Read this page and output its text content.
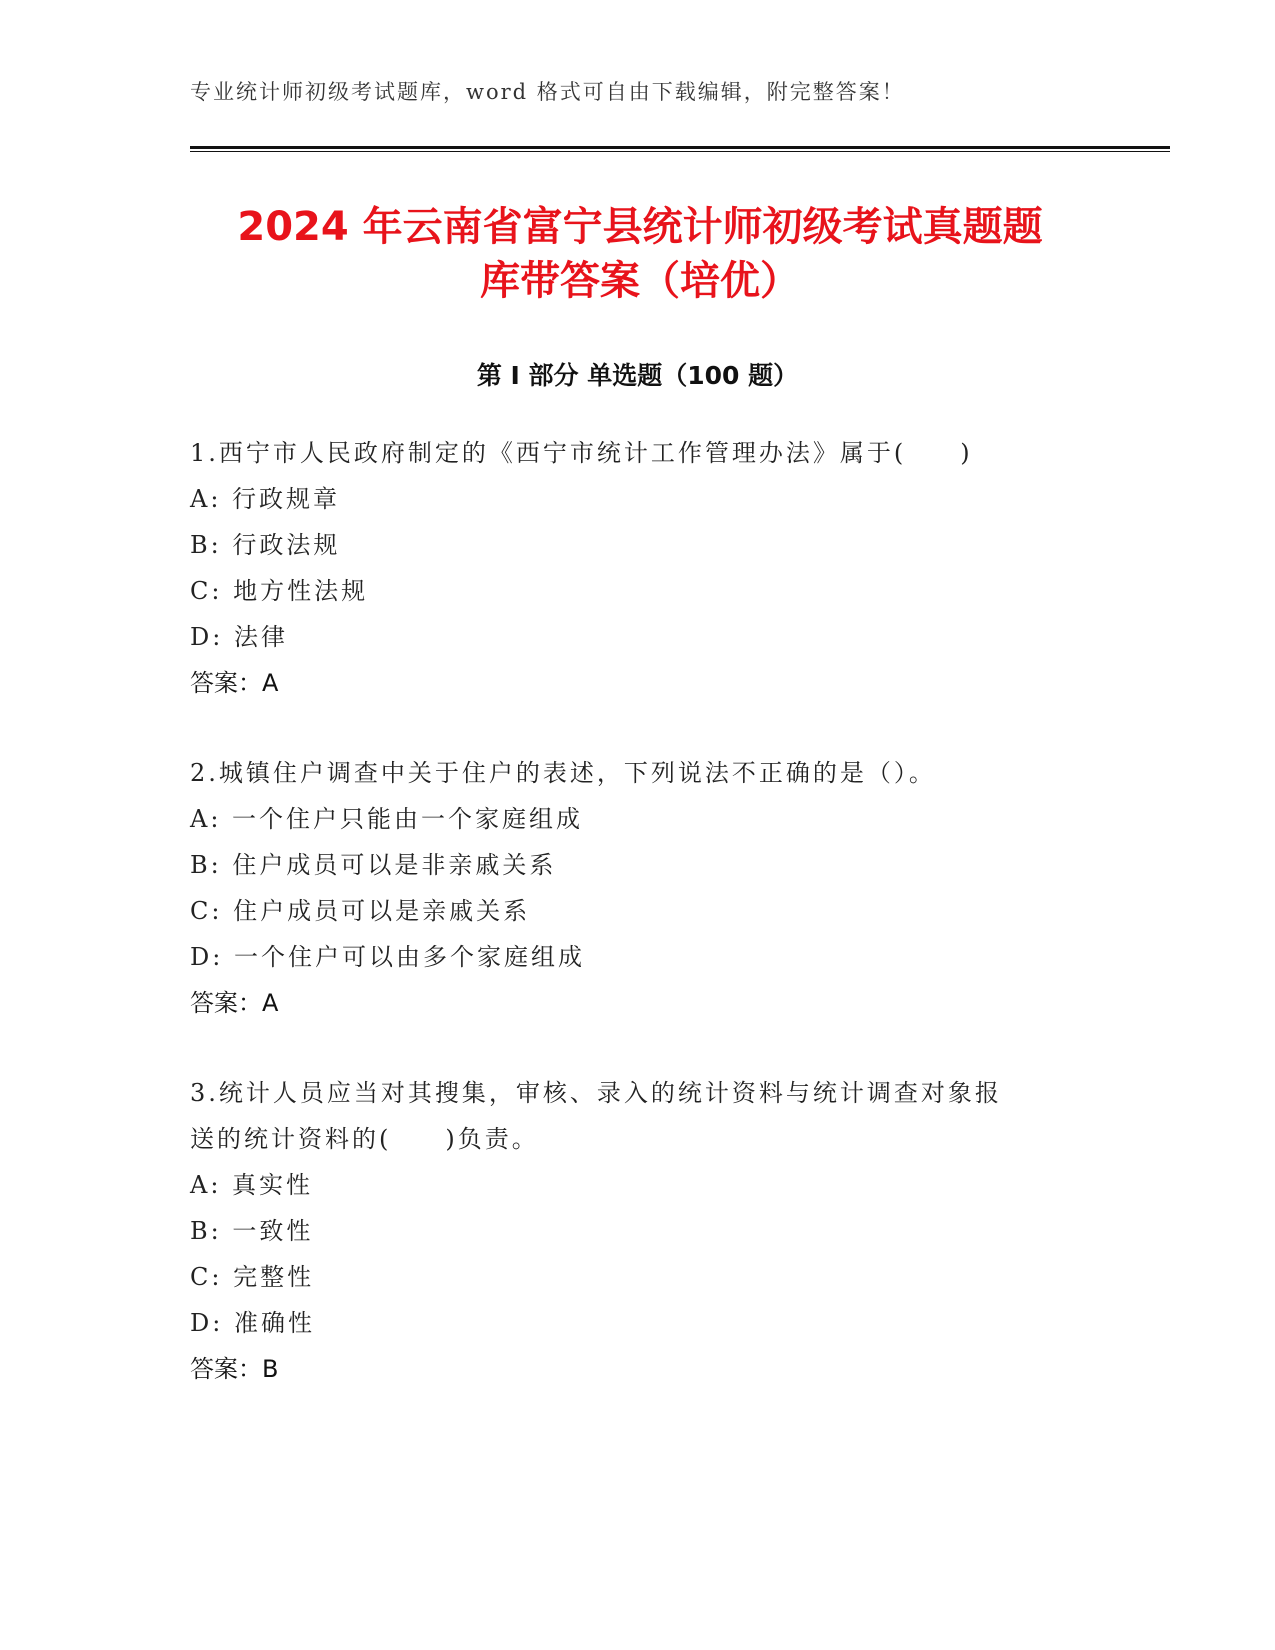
专业统计师初级考试题库，word 格式可自由下载编辑，附完整答案！
2024 年云南省富宁县统计师初级考试真题题
库带答案（培优）
第 I 部分 单选题（100 题）
1.西宁市人民政府制定的《西宁市统计工作管理办法》属于(　　)
A: 行政规章
B: 行政法规
C: 地方性法规
D: 法律
答案：A
2.城镇住户调查中关于住户的表述，下列说法不正确的是（）。
A: 一个住户只能由一个家庭组成
B: 住户成员可以是非亲戚关系
C: 住户成员可以是亲戚关系
D: 一个住户可以由多个家庭组成
答案：A
3.统计人员应当对其搜集，审核、录入的统计资料与统计调查对象报
送的统计资料的(　　)负责。
A: 真实性
B: 一致性
C: 完整性
D: 准确性
答案：B
